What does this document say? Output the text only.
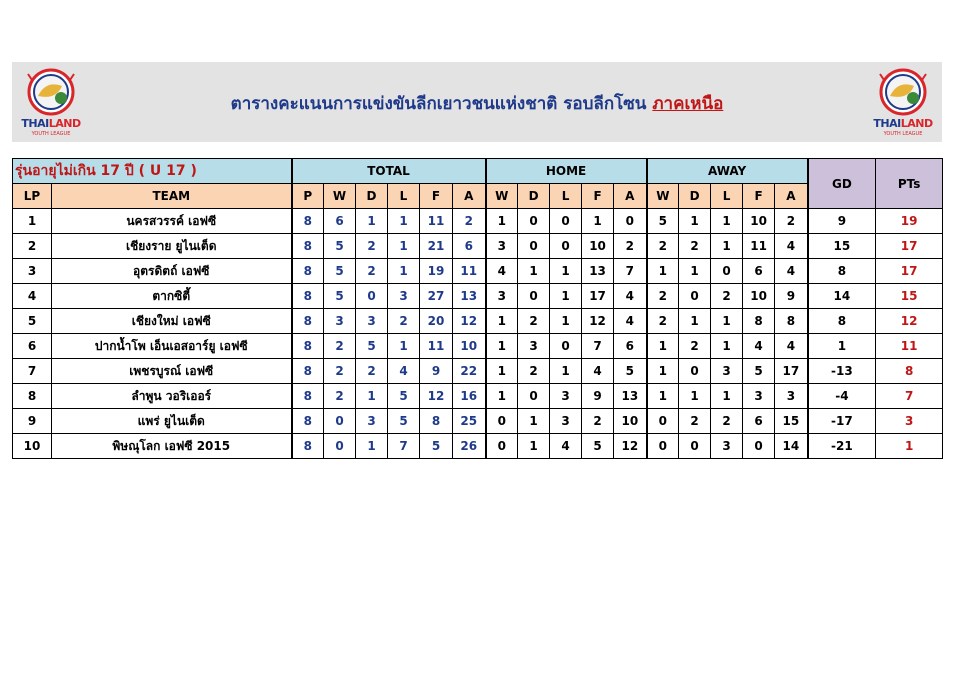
THAILAND
YOUTH LEAGUE
ตารางคะแนนการแข่งขันลีกเยาวชนแห่งชาติ รอบลีกโซน ภาคเหนือ
THAILAND
YOUTH LEAGUE
รุ่นอายุไม่เกิน 17 ปี ( U 17 )		TOTAL						HOME					AWAY					GD	PTs
LP	TEAM	P	W	D	L	F	A	W	D	L	F	A	W	D	L	F	A		
1	นครสวรรค์ เอฟซี	8	6	1	1	11	2	1	0	0	1	0	5	1	1	10	2	9	19
2	เชียงราย ยูไนเต็ด	8	5	2	1	21	6	3	0	0	10	2	2	2	1	11	4	15	17
3	อุตรดิตถ์ เอฟซี	8	5	2	1	19	11	4	1	1	13	7	1	1	0	6	4	8	17
4	ตากซิตี้	8	5	0	3	27	13	3	0	1	17	4	2	0	2	10	9	14	15
5	เชียงใหม่ เอฟซี	8	3	3	2	20	12	1	2	1	12	4	2	1	1	8	8	8	12
6	ปากน้ำโพ เอ็นเอสอาร์ยู เอฟซี	8	2	5	1	11	10	1	3	0	7	6	1	2	1	4	4	1	11
7	เพชรบูรณ์ เอฟซี	8	2	2	4	9	22	1	2	1	4	5	1	0	3	5	17	-13	8
8	ลำพูน วอริเออร์	8	2	1	5	12	16	1	0	3	9	13	1	1	1	3	3	-4	7
9	แพร่ ยูไนเต็ด	8	0	3	5	8	25	0	1	3	2	10	0	2	2	6	15	-17	3
10	พิษณุโลก เอฟซี 2015	8	0	1	7	5	26	0	1	4	5	12	0	0	3	0	14	-21	1
